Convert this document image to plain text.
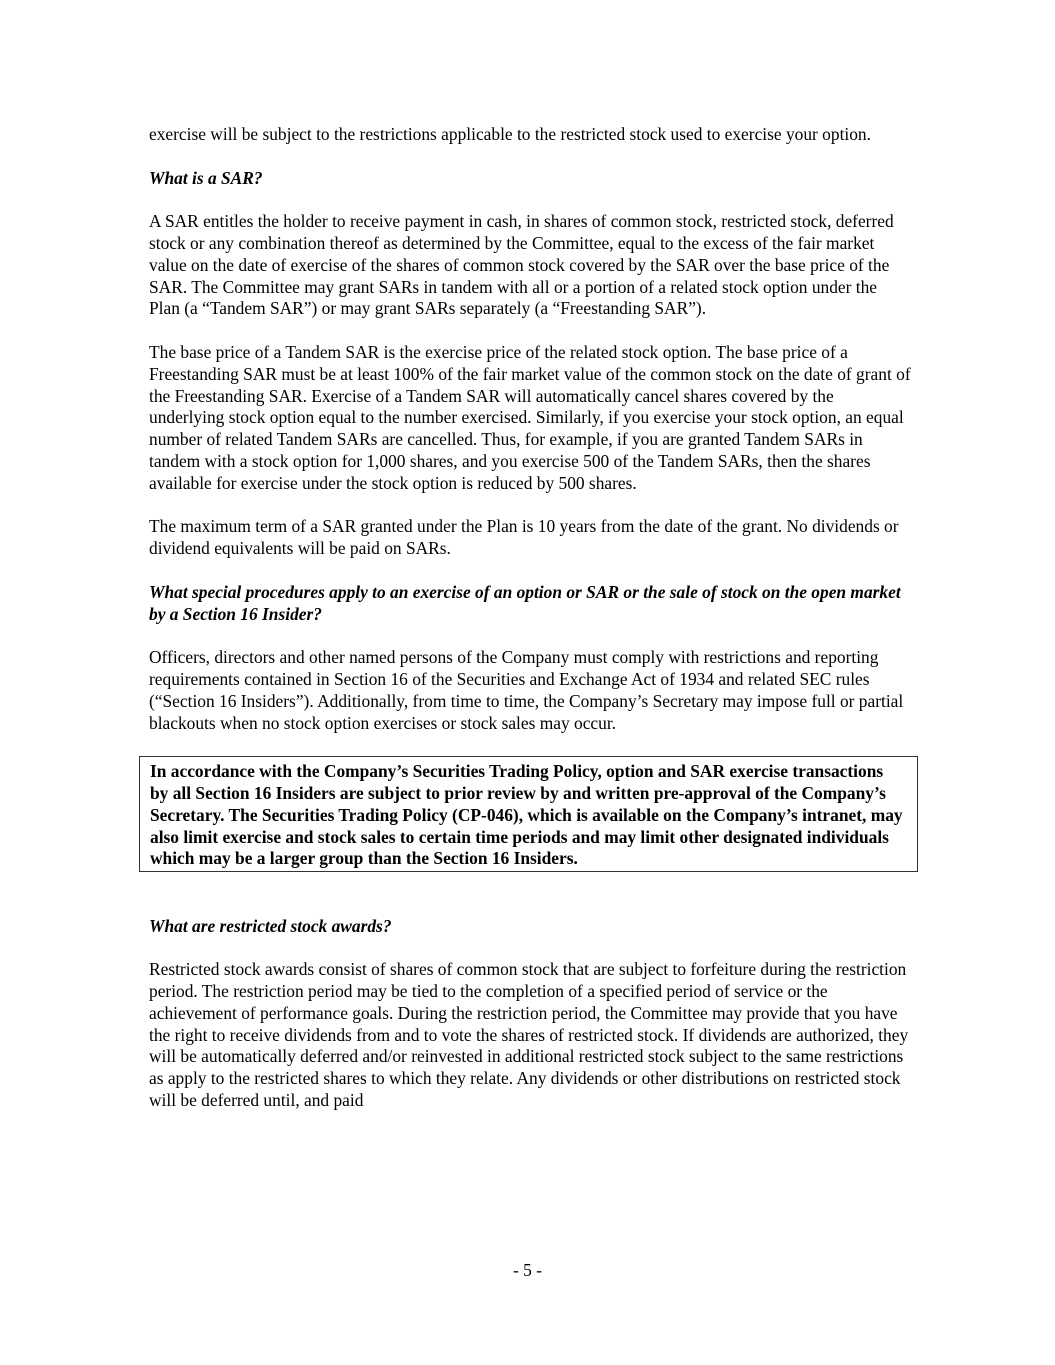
exercise will be subject to the restrictions applicable to the restricted stock used to exercise your option.

What is a SAR?

A SAR entitles the holder to receive payment in cash, in shares of common stock, restricted stock, deferred stock or any combination thereof as determined by the Committee, equal to the excess of the fair market value on the date of exercise of the shares of common stock covered by the SAR over the base price of the SAR. The Committee may grant SARs in tandem with all or a portion of a related stock option under the Plan (a “Tandem SAR”) or may grant SARs separately (a “Freestanding SAR”).

The base price of a Tandem SAR is the exercise price of the related stock option. The base price of a Freestanding SAR must be at least 100% of the fair market value of the common stock on the date of grant of the Freestanding SAR. Exercise of a Tandem SAR will automatically cancel shares covered by the underlying stock option equal to the number exercised. Similarly, if you exercise your stock option, an equal number of related Tandem SARs are cancelled. Thus, for example, if you are granted Tandem SARs in tandem with a stock option for 1,000 shares, and you exercise 500 of the Tandem SARs, then the shares available for exercise under the stock option is reduced by 500 shares.

The maximum term of a SAR granted under the Plan is 10 years from the date of the grant. No dividends or dividend equivalents will be paid on SARs.

What special procedures apply to an exercise of an option or SAR or the sale of stock on the open market by a Section 16 Insider?

Officers, directors and other named persons of the Company must comply with restrictions and reporting requirements contained in Section 16 of the Securities and Exchange Act of 1934 and related SEC rules (“Section 16 Insiders”). Additionally, from time to time, the Company’s Secretary may impose full or partial blackouts when no stock option exercises or stock sales may occur.

In accordance with the Company’s Securities Trading Policy, option and SAR exercise transactions by all Section 16 Insiders are subject to prior review by and written pre-approval of the Company’s Secretary. The Securities Trading Policy (CP-046), which is available on the Company’s intranet, may also limit exercise and stock sales to certain time periods and may limit other designated individuals which may be a larger group than the Section 16 Insiders.

What are restricted stock awards?

Restricted stock awards consist of shares of common stock that are subject to forfeiture during the restriction period. The restriction period may be tied to the completion of a specified period of service or the achievement of performance goals. During the restriction period, the Committee may provide that you have the right to receive dividends from and to vote the shares of restricted stock. If dividends are authorized, they will be automatically deferred and/or reinvested in additional restricted stock subject to the same restrictions as apply to the restricted shares to which they relate. Any dividends or other distributions on restricted stock will be deferred until, and paid

- 5 -
